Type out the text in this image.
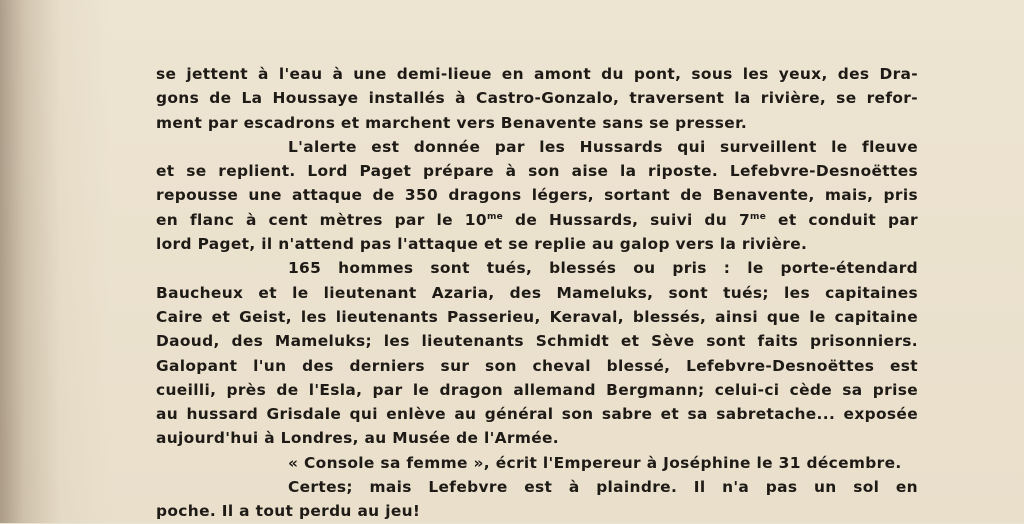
se jettent à l'eau à une demi-lieue en amont du pont, sous les yeux, des Dra-
gons de La Houssaye installés à Castro-Gonzalo, traversent la rivière, se refor-
ment par escadrons et marchent vers Benavente sans se presser.
L'alerte est donnée par les Hussards qui surveillent le fleuve
et se replient. Lord Paget prépare à son aise la riposte. Lefebvre-Desnoëttes
repousse une attaque de 350 dragons légers, sortant de Benavente, mais, pris
en flanc à cent mètres par le $10^{me}$ de Hussards, suivi du $7^{me}$ et conduit par
lord Paget, il n'attend pas l'attaque et se replie au galop vers la rivière.
165 hommes sont tués, blessés ou pris : le porte-étendard
Baucheux et le lieutenant Azaria, des Mameluks, sont tués; les capitaines
Caire et Geist, les lieutenants Passerieu, Keraval, blessés, ainsi que le capitaine
Daoud, des Mameluks; les lieutenants Schmidt et Sève sont faits prisonniers.
Galopant l'un des derniers sur son cheval blessé, Lefebvre-Desnoëttes est
cueilli, près de l'Esla, par le dragon allemand Bergmann; celui-ci cède sa prise
au hussard Grisdale qui enlève au général son sabre et sa sabretache... exposée
aujourd'hui à Londres, au Musée de l'Armée.
« Console sa femme », écrit l'Empereur à Joséphine le 31 décembre.
Certes; mais Lefebvre est à plaindre. Il n'a pas un sol en
poche. Il a tout perdu au jeu!
